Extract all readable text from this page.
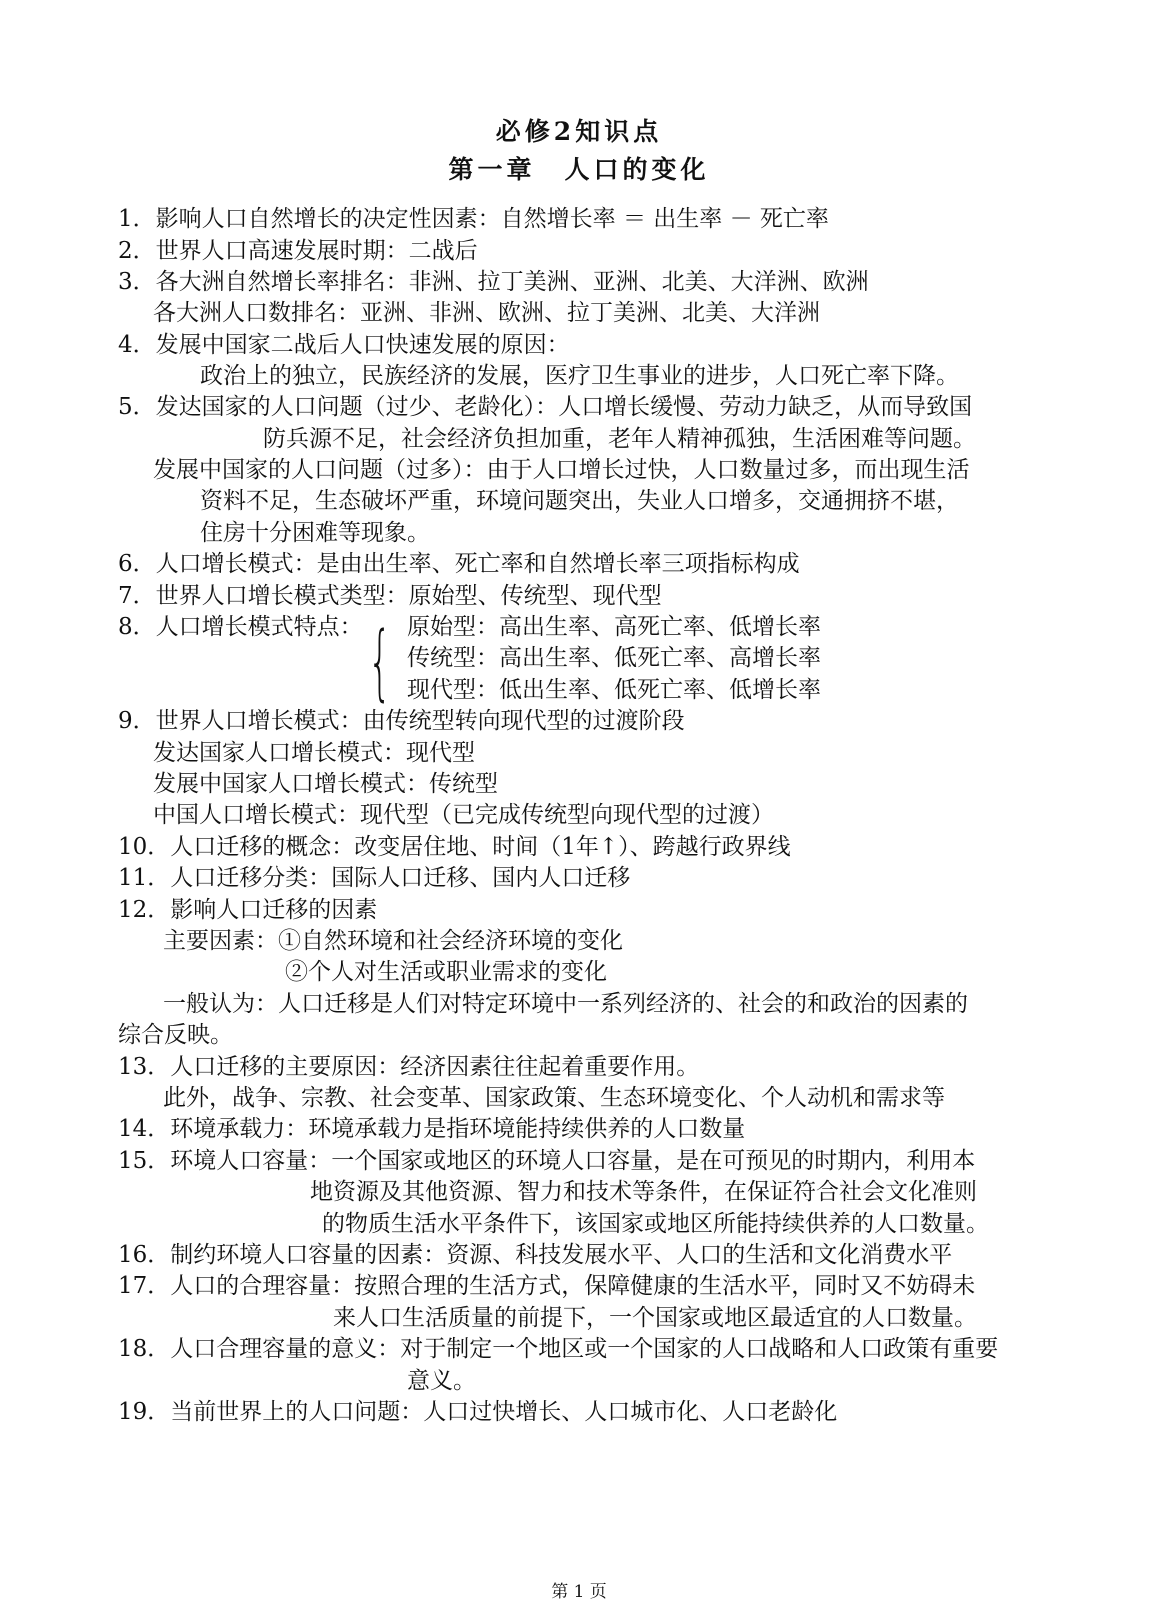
必修2知识点
第一章　人口的变化
1．影响人口自然增长的决定性因素：自然增长率 ＝ 出生率 － 死亡率
2．世界人口高速发展时期：二战后
3．各大洲自然增长率排名：非洲、拉丁美洲、亚洲、北美、大洋洲、欧洲
各大洲人口数排名：亚洲、非洲、欧洲、拉丁美洲、北美、大洋洲
4．发展中国家二战后人口快速发展的原因：
政治上的独立，民族经济的发展，医疗卫生事业的进步，人口死亡率下降。
5．发达国家的人口问题（过少、老龄化）：人口增长缓慢、劳动力缺乏，从而导致国
防兵源不足，社会经济负担加重，老年人精神孤独，生活困难等问题。
发展中国家的人口问题（过多）：由于人口增长过快，人口数量过多，而出现生活
资料不足，生态破坏严重，环境问题突出，失业人口增多，交通拥挤不堪，
住房十分困难等现象。
6．人口增长模式：是由出生率、死亡率和自然增长率三项指标构成
7．世界人口增长模式类型：原始型、传统型、现代型
8．人口增长模式特点： { 原始型：高出生率、高死亡率、低增长率
传统型：高出生率、低死亡率、高增长率
现代型：低出生率、低死亡率、低增长率
9．世界人口增长模式：由传统型转向现代型的过渡阶段
发达国家人口增长模式：现代型
发展中国家人口增长模式：传统型
中国人口增长模式：现代型（已完成传统型向现代型的过渡）
10．人口迁移的概念：改变居住地、时间（1年↑）、跨越行政界线
11．人口迁移分类：国际人口迁移、国内人口迁移
12．影响人口迁移的因素
主要因素：①自然环境和社会经济环境的变化
②个人对生活或职业需求的变化
一般认为：人口迁移是人们对特定环境中一系列经济的、社会的和政治的因素的
综合反映。
13．人口迁移的主要原因：经济因素往往起着重要作用。
此外，战争、宗教、社会变革、国家政策、生态环境变化、个人动机和需求等
14．环境承载力：环境承载力是指环境能持续供养的人口数量
15．环境人口容量：一个国家或地区的环境人口容量，是在可预见的时期内，利用本
地资源及其他资源、智力和技术等条件，在保证符合社会文化准则
的物质生活水平条件下，该国家或地区所能持续供养的人口数量。
16．制约环境人口容量的因素：资源、科技发展水平、人口的生活和文化消费水平
17．人口的合理容量：按照合理的生活方式，保障健康的生活水平，同时又不妨碍未
来人口生活质量的前提下，一个国家或地区最适宜的人口数量。
18．人口合理容量的意义：对于制定一个地区或一个国家的人口战略和人口政策有重要
意义。
19．当前世界上的人口问题：人口过快增长、人口城市化、人口老龄化
第 1 页
